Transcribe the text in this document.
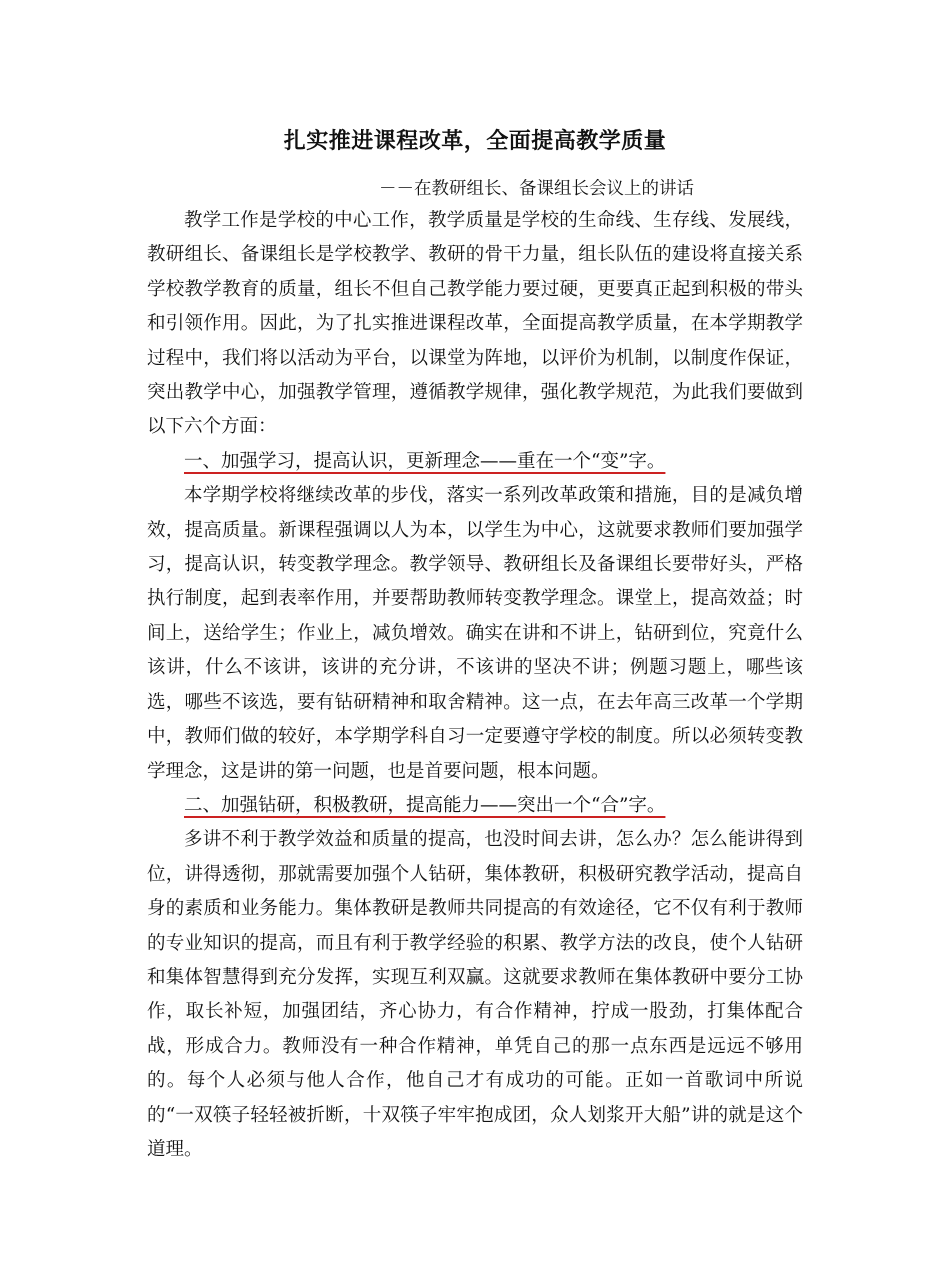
扎实推进课程改革，全面提高教学质量
－－在教研组长、备课组长会议上的讲话

教学工作是学校的中心工作，教学质量是学校的生命线、生存线、发展线，教研组长、备课组长是学校教学、教研的骨干力量，组长队伍的建设将直接关系学校教学教育的质量，组长不但自己教学能力要过硬，更要真正起到积极的带头和引领作用。因此，为了扎实推进课程改革，全面提高教学质量，在本学期教学过程中，我们将以活动为平台，以课堂为阵地，以评价为机制，以制度作保证，突出教学中心，加强教学管理，遵循教学规律，强化教学规范，为此我们要做到以下六个方面：

一、加强学习，提高认识，更新理念——重在一个“变”字。

本学期学校将继续改革的步伐，落实一系列改革政策和措施，目的是减负增效，提高质量。新课程强调以人为本，以学生为中心，这就要求教师们要加强学习，提高认识，转变教学理念。教学领导、教研组长及备课组长要带好头，严格执行制度，起到表率作用，并要帮助教师转变教学理念。课堂上，提高效益；时间上，送给学生；作业上，减负增效。确实在讲和不讲上，钻研到位，究竟什么该讲，什么不该讲，该讲的充分讲，不该讲的坚决不讲；例题习题上，哪些该选，哪些不该选，要有钻研精神和取舍精神。这一点，在去年高三改革一个学期中，教师们做的较好，本学期学科自习一定要遵守学校的制度。所以必须转变教学理念，这是讲的第一问题，也是首要问题，根本问题。

二、加强钻研，积极教研，提高能力——突出一个“合”字。

多讲不利于教学效益和质量的提高，也没时间去讲，怎么办？怎么能讲得到位，讲得透彻，那就需要加强个人钻研，集体教研，积极研究教学活动，提高自身的素质和业务能力。集体教研是教师共同提高的有效途径，它不仅有利于教师的专业知识的提高，而且有利于教学经验的积累、教学方法的改良，使个人钻研和集体智慧得到充分发挥，实现互利双赢。这就要求教师在集体教研中要分工协作，取长补短，加强团结，齐心协力，有合作精神，拧成一股劲，打集体配合战，形成合力。教师没有一种合作精神，单凭自己的那一点东西是远远不够用的。每个人必须与他人合作，他自己才有成功的可能。正如一首歌词中所说的“一双筷子轻轻被折断，十双筷子牢牢抱成团，众人划浆开大船”讲的就是这个道理。
